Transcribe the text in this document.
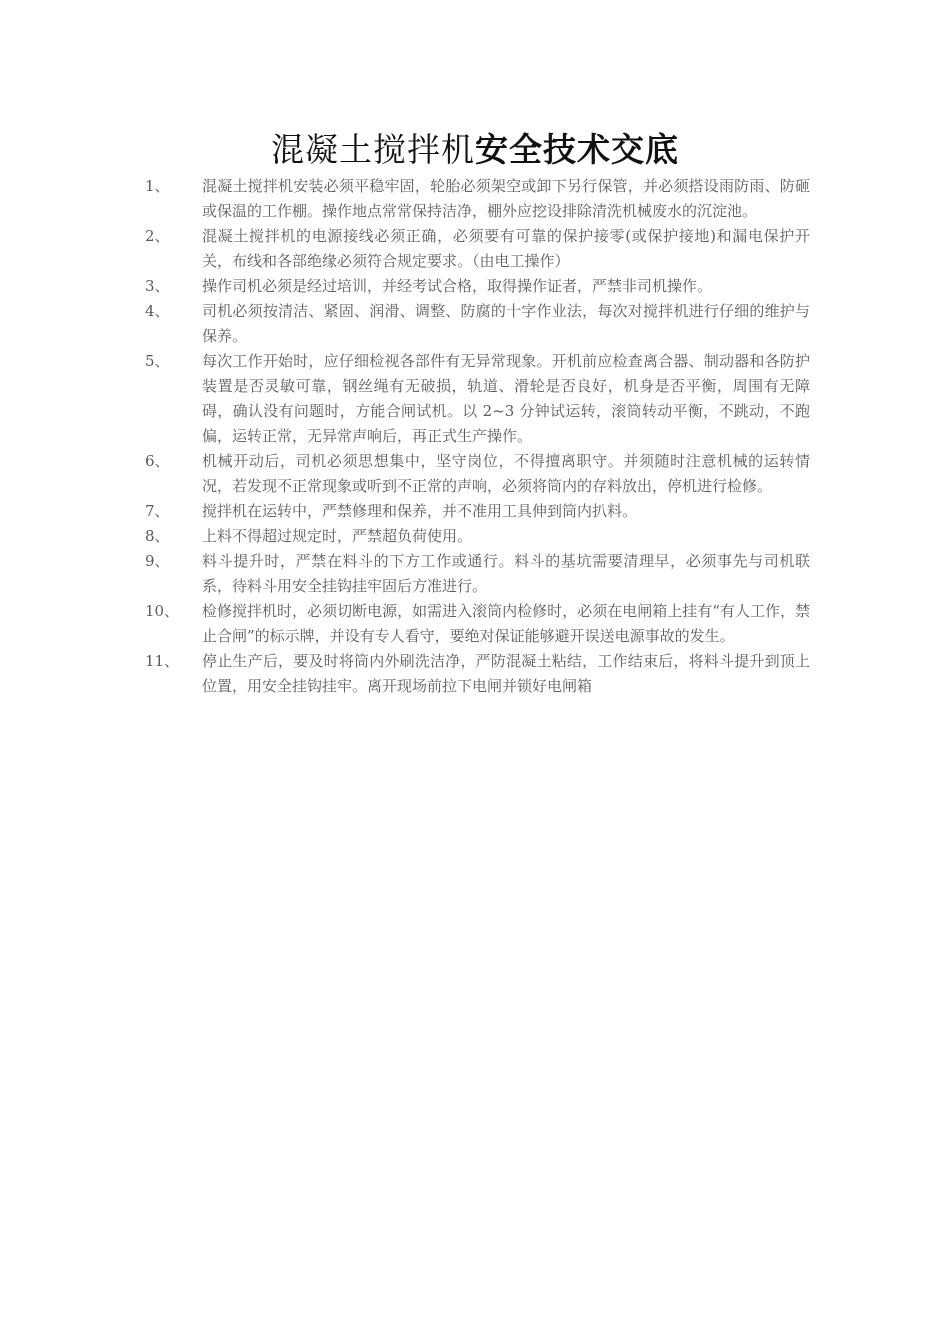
混凝土搅拌机安全技术交底
1、	混凝土搅拌机安装必须平稳牢固，轮胎必须架空或卸下另行保管，并必须搭设雨防雨、防砸或保温的工作棚。操作地点常常保持洁净，棚外应挖设排除清洗机械废水的沉淀池。
2、	混凝土搅拌机的电源接线必须正确，必须要有可靠的保护接零(或保护接地)和漏电保护开关，布线和各部绝缘必须符合规定要求。（由电工操作）
3、	操作司机必须是经过培训，并经考试合格，取得操作证者，严禁非司机操作。
4、	司机必须按清洁、紧固、润滑、调整、防腐的十字作业法，每次对搅拌机进行仔细的维护与保养。
5、	每次工作开始时，应仔细检视各部件有无异常现象。开机前应检查离合器、制动器和各防护装置是否灵敏可靠，钢丝绳有无破损，轨道、滑轮是否良好，机身是否平衡，周围有无障碍，确认没有问题时，方能合闸试机。以 2~3 分钟试运转，滚筒转动平衡，不跳动，不跑偏，运转正常，无异常声响后，再正式生产操作。
6、	机械开动后，司机必须思想集中，坚守岗位，不得擅离职守。并须随时注意机械的运转情况，若发现不正常现象或听到不正常的声响，必须将筒内的存料放出，停机进行检修。
7、	搅拌机在运转中，严禁修理和保养，并不准用工具伸到筒内扒料。
8、	上料不得超过规定时，严禁超负荷使用。
9、	料斗提升时，严禁在料斗的下方工作或通行。料斗的基坑需要清理早，必须事先与司机联系，待料斗用安全挂钩挂牢固后方准进行。
10、	检修搅拌机时，必须切断电源，如需进入滚筒内检修时，必须在电闸箱上挂有“有人工作，禁止合闸”的标示牌，并设有专人看守，要绝对保证能够避开误送电源事故的发生。
11、	停止生产后，要及时将筒内外刷洗洁净，严防混凝土粘结，工作结束后，将料斗提升到顶上位置，用安全挂钩挂牢。离开现场前拉下电闸并锁好电闸箱
